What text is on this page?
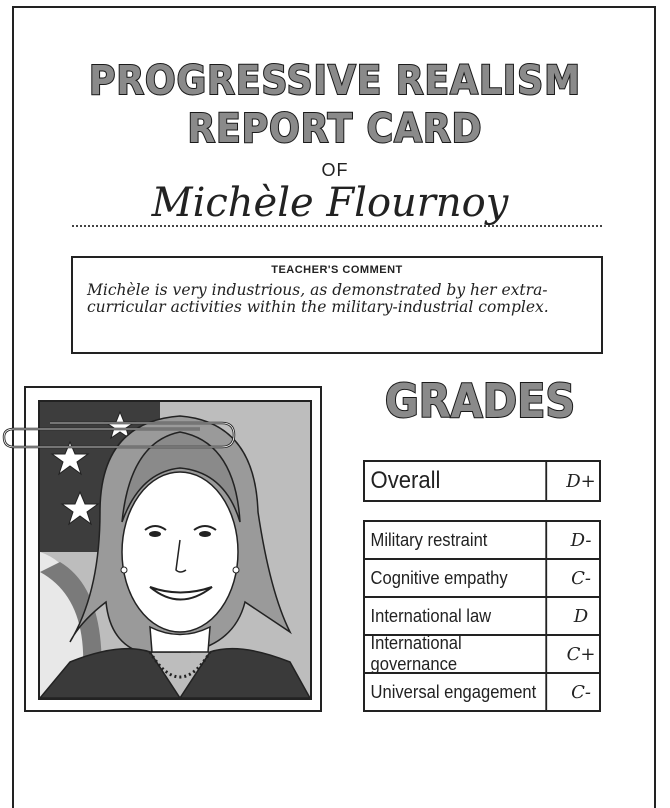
PROGRESSIVE REALISM
REPORT CARD
OF
Michèle Flournoy
TEACHER'S COMMENT
Michèle is very industrious, as demonstrated by her extra-curricular activities within the military-industrial complex.
GRADES
Overall	D+
Military restraint	D-
Cognitive empathy	C-
International law	D
International governance	C+
Universal engagement	C-
